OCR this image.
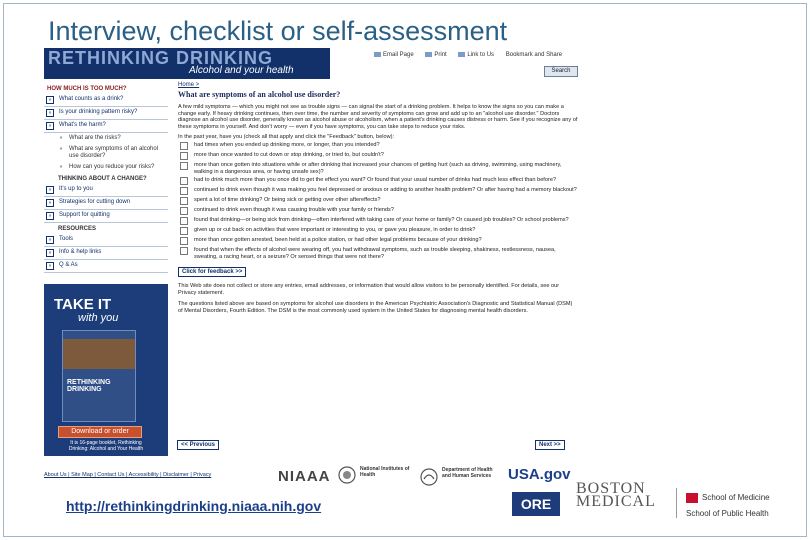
Interview, checklist or self-assessment
RETHINKING DRINKING
Alcohol and your health
Email Page	Print	Link to Us Bookmark and Share
Search
HOW MUCH IS TOO MUCH?
»	What counts as a drink?
»	Is your drinking pattern risky?
»	What's the harm?
» What are the risks?
» What are symptoms of an alcohol use disorder?
» How can you reduce your risks?
THINKING ABOUT A CHANGE?
»	It's up to you
»	Strategies for cutting down
»	Support for quitting
RESOURCES
»	Tools
»	Info & help links
»	Q & As
TAKE IT
with you
RETHINKING DRINKING
Download or order
It is 16-page booklet, Rethinking Drinking: Alcohol and Your Health
Home >
What are symptoms of an alcohol use disorder?
A few mild symptoms — which you might not see as trouble signs — can signal the start of a drinking problem. It helps to know the signs so you can make a change early. If heavy drinking continues, then over time, the number and severity of symptoms can grow and add up to an "alcohol use disorder." Doctors diagnose an alcohol use disorder, generally known as alcohol abuse or alcoholism, when a patient's drinking causes distress or harm. See if you recognize any of these symptoms in yourself. And don't worry — even if you have symptoms, you can take steps to reduce your risks.
In the past year, have you (check all that apply and click the "Feedback" button, below):
had times when you ended up drinking more, or longer, than you intended?
more than once wanted to cut down or stop drinking, or tried to, but couldn't?
more than once gotten into situations while or after drinking that increased your chances of getting hurt (such as driving, swimming, using machinery, walking in a dangerous area, or having unsafe sex)?
had to drink much more than you once did to get the effect you want? Or found that your usual number of drinks had much less effect than before?
continued to drink even though it was making you feel depressed or anxious or adding to another health problem? Or after having had a memory blackout?
spent a lot of time drinking? Or being sick or getting over other aftereffects?
continued to drink even though it was causing trouble with your family or friends?
found that drinking—or being sick from drinking—often interfered with taking care of your home or family? Or caused job troubles? Or school problems?
given up or cut back on activities that were important or interesting to you, or gave you pleasure, in order to drink?
more than once gotten arrested, been held at a police station, or had other legal problems because of your drinking?
found that when the effects of alcohol were wearing off, you had withdrawal symptoms, such as trouble sleeping, shakiness, restlessness, nausea, sweating, a racing heart, or a seizure? Or sensed things that were not there?
Click for feedback >>
This Web site does not collect or store any entries, email addresses, or information that would allow visitors to be personally identified. For details, see our Privacy statement.
The questions listed above are based on symptoms for alcohol use disorders in the American Psychiatric Association's Diagnostic and Statistical Manual (DSM) of Mental Disorders, Fourth Edition. The DSM is the most commonly used system in the United States for diagnosing mental health disorders.
<< Previous	Next >>
About Us | Site Map | Contact Us | Accessibility | Disclaimer | Privacy	NIAAA	National Institutes of Health
Department of Health and Human Services	USA.gov
http://rethinkingdrinking.niaaa.nih.gov	ORE
BOSTON MEDICAL	School of Medicine
School of Public Health
